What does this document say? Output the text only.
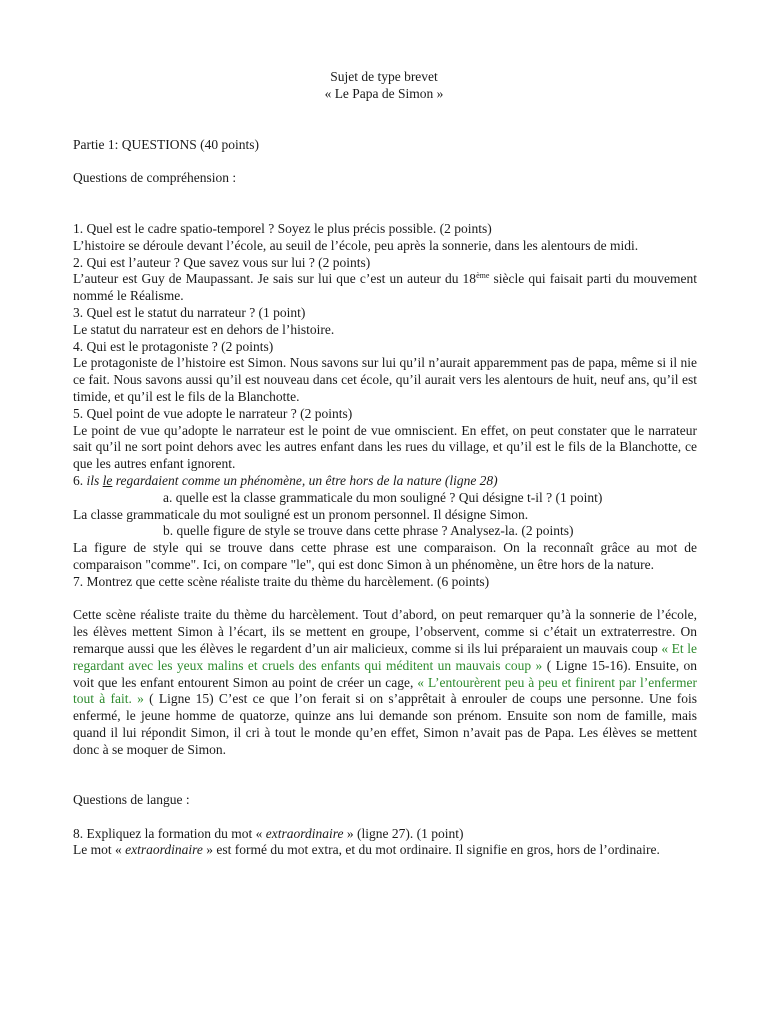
Sujet de type brevet
« Le Papa de Simon »
Partie 1: QUESTIONS (40 points)
Questions de compréhension :

1. Quel est le cadre spatio-temporel ? Soyez le plus précis possible. (2 points)

L’histoire se déroule devant l’école, au seuil de l’école, peu après la sonnerie, dans les alentours de midi.

2. Qui est l’auteur ? Que savez vous sur lui ? (2 points)

L’auteur est Guy de Maupassant. Je sais sur lui que c’est un auteur du 18ème siècle qui faisait parti du mouvement nommé le Réalisme.

3. Quel est le statut du narrateur ? (1 point)

Le statut du narrateur est en dehors de l’histoire.

4. Qui est le protagoniste ? (2 points)

Le protagoniste de l’histoire est Simon. Nous savons sur lui qu’il n’aurait apparemment pas de papa, même si il nie ce fait. Nous savons aussi qu’il est nouveau dans cet école, qu’il aurait vers les alentours de huit, neuf ans, qu’il est timide, et qu’il est le fils de la Blanchotte.

5. Quel point de vue adopte le narrateur ? (2 points)

Le point de vue qu’adopte le narrateur est le point de vue omniscient. En effet, on peut constater que le narrateur sait qu’il ne sort point dehors avec les autres enfant dans les rues du village, et qu’il est le fils de la Blanchotte, ce que les autres enfant ignorent.

6. ils le regardaient comme un phénomène, un être hors de la nature (ligne 28)

a. quelle est la classe grammaticale du mon souligné ? Qui désigne t-il ? (1 point)

La classe grammaticale du mot souligné est un pronom personnel. Il désigne Simon.

b. quelle figure de style se trouve dans cette phrase ? Analysez-la. (2 points)

La figure de style qui se trouve dans cette phrase est une comparaison. On la reconnaît grâce au mot de comparaison "comme". Ici, on compare "le", qui est donc Simon à un phénomène, un être hors de la nature.

7. Montrez que cette scène réaliste traite du thème du harcèlement. (6 points)

Cette scène réaliste traite du thème du harcèlement. Tout d’abord, on peut remarquer qu’à la sonnerie de l’école, les élèves mettent Simon à l’écart, ils se mettent en groupe, l’observent, comme si c’était un extraterrestre. On remarque aussi que les élèves le regardent d’un air malicieux, comme si ils lui préparaient un mauvais coup « Et le regardant avec les yeux malins et cruels des enfants qui méditent un mauvais coup » ( Ligne 15-16). Ensuite, on voit que les enfant entourent Simon au point de créer un cage, « L’entourèrent peu à peu et finirent par l’enfermer tout à fait. » ( Ligne 15) C’est ce que l’on ferait si on s’apprêtait à enrouler de coups une personne. Une fois enfermé, le jeune homme de quatorze, quinze ans lui demande son prénom. Ensuite son nom de famille, mais quand il lui répondit Simon, il cri à tout le monde qu’en effet, Simon n’avait pas de Papa. Les élèves se mettent donc à se moquer de Simon.

Questions de langue :

8. Expliquez la formation du mot « extraordinaire » (ligne 27). (1 point)

Le mot « extraordinaire » est formé du mot extra, et du mot ordinaire. Il signifie en gros, hors de l’ordinaire.
